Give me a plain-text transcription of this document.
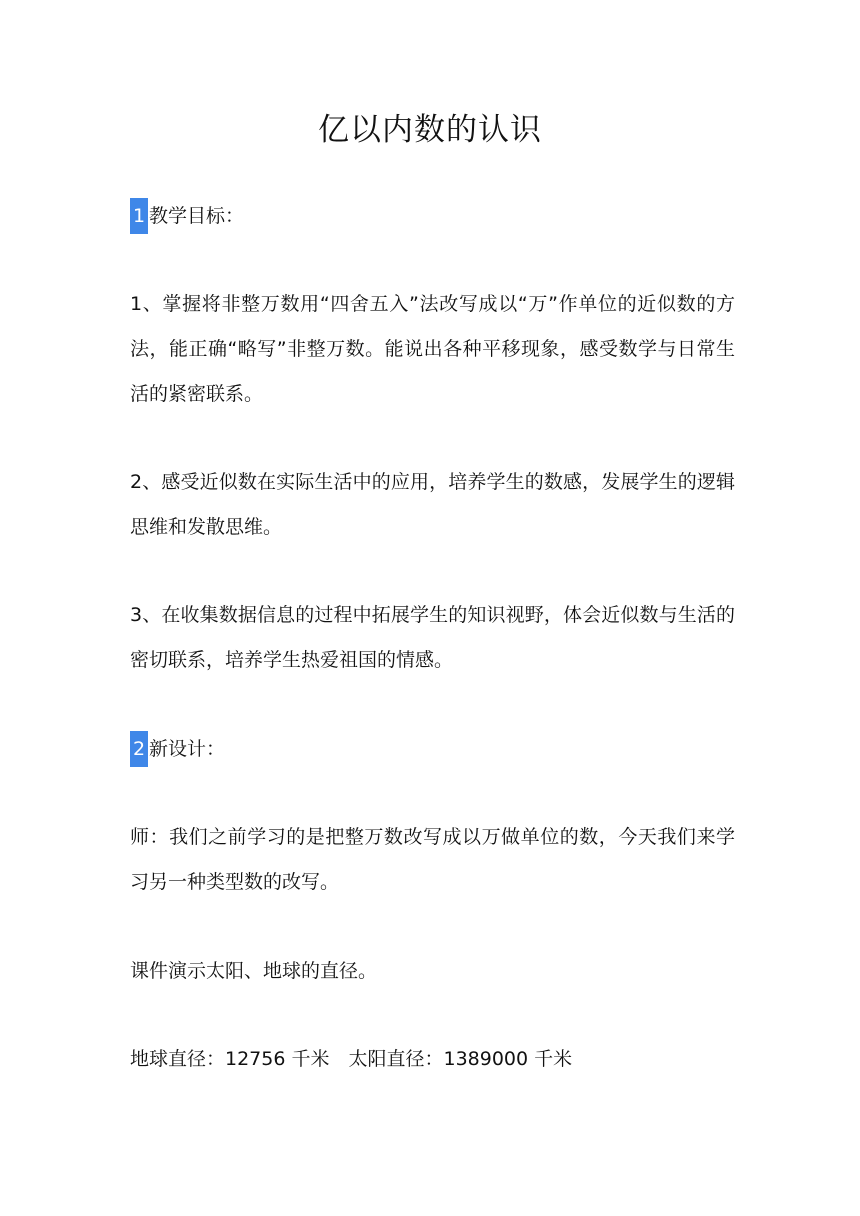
亿以内数的认识
1 教学目标：
1、掌握将非整万数用“四舍五入”法改写成以“万”作单位的近似数的方法，能正确“略写”非整万数。能说出各种平移现象，感受数学与日常生活的紧密联系。
2、感受近似数在实际生活中的应用，培养学生的数感，发展学生的逻辑思维和发散思维。
3、在收集数据信息的过程中拓展学生的知识视野，体会近似数与生活的密切联系，培养学生热爱祖国的情感。
2 新设计：
师：我们之前学习的是把整万数改写成以万做单位的数，今天我们来学习另一种类型数的改写。
课件演示太阳、地球的直径。
地球直径：12756 千米　太阳直径：1389000 千米
